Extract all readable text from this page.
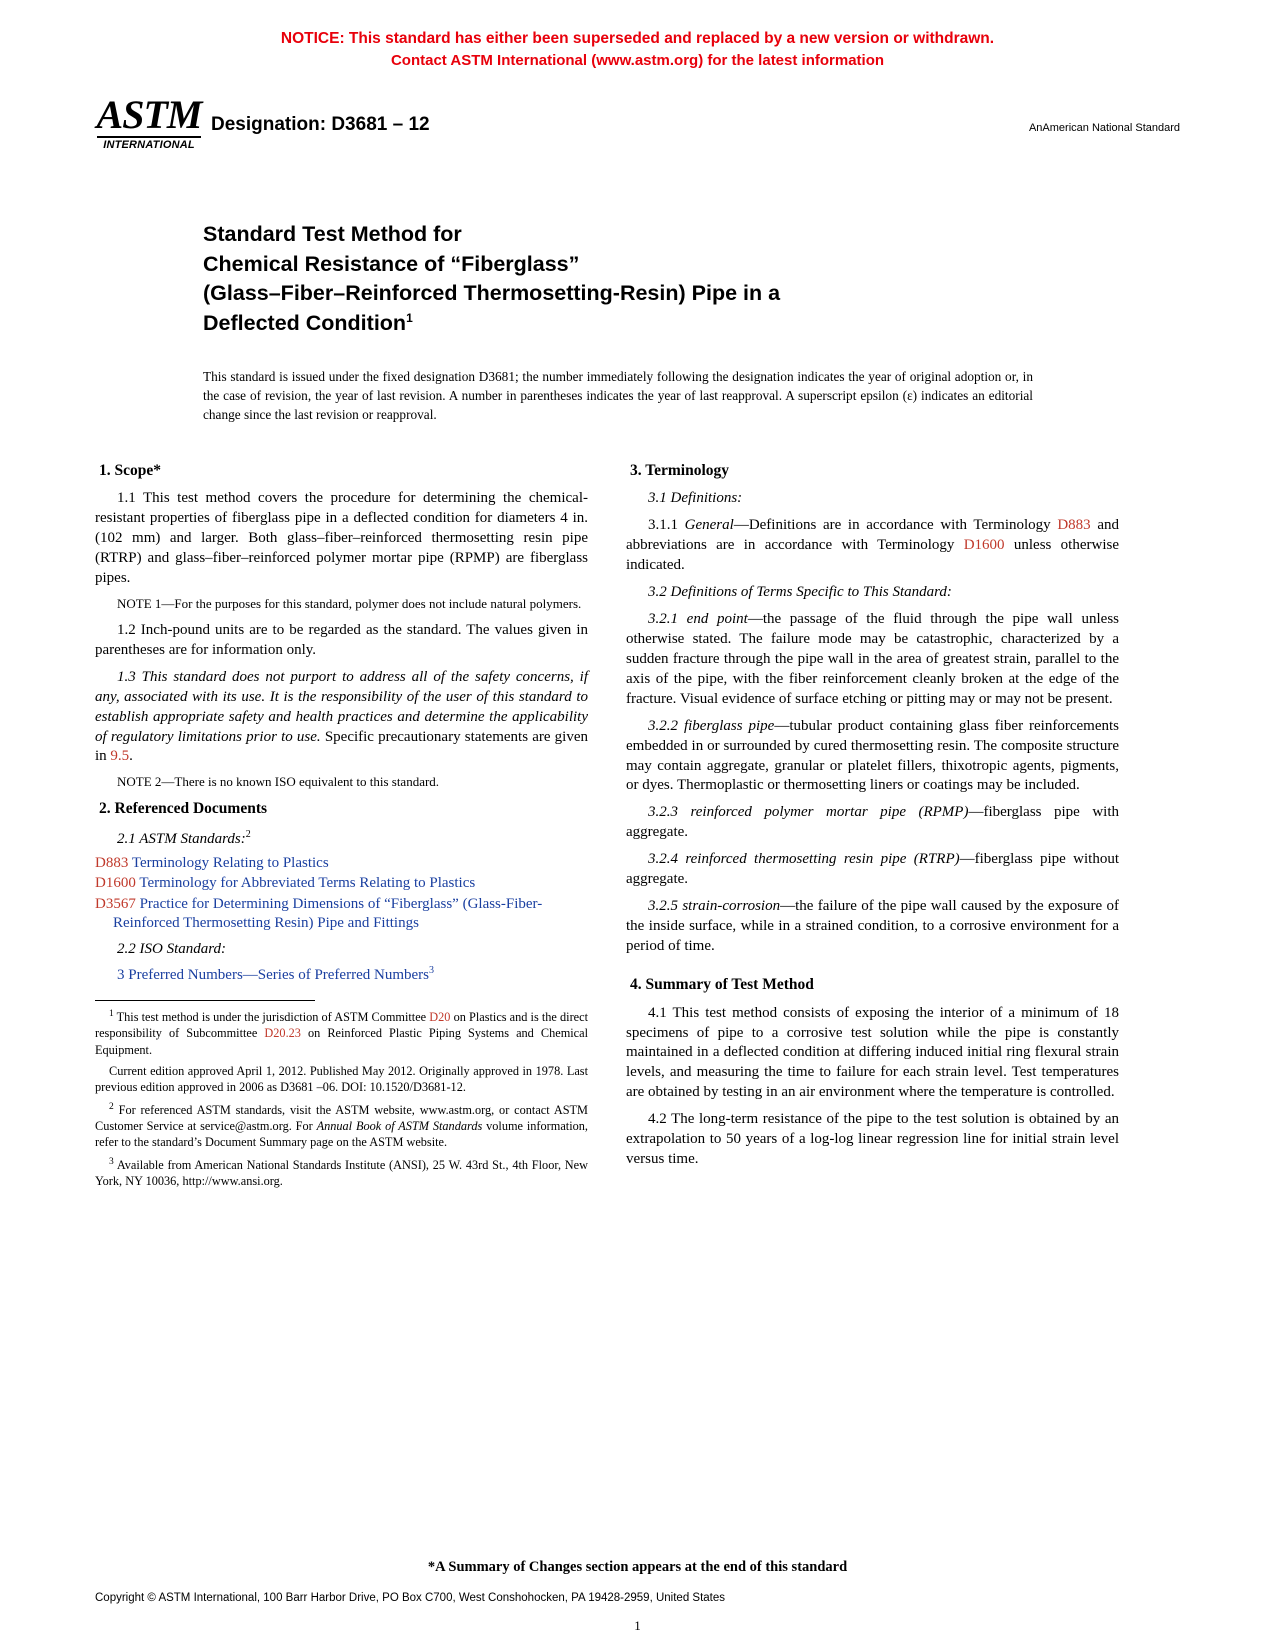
NOTICE: This standard has either been superseded and replaced by a new version or withdrawn.
Contact ASTM International (www.astm.org) for the latest information
ASTM
INTERNATIONAL
Designation: D3681 – 12	AnAmerican National Standard
Standard Test Method for
Chemical Resistance of “Fiberglass”
(Glass–Fiber–Reinforced Thermosetting-Resin) Pipe in a
Deflected Condition$^1$
This standard is issued under the fixed designation D3681; the number immediately following the designation indicates the year of original adoption or, in the case of revision, the year of last revision. A number in parentheses indicates the year of last reapproval. A superscript epsilon (ε) indicates an editorial change since the last revision or reapproval.
1. Scope*

1.1 This test method covers the procedure for determining the chemical-resistant properties of fiberglass pipe in a deflected condition for diameters 4 in. (102 mm) and larger. Both glass–fiber–reinforced thermosetting resin pipe (RTRP) and glass–fiber–reinforced polymer mortar pipe (RPMP) are fiberglass pipes.

NOTE 1—For the purposes for this standard, polymer does not include natural polymers.

1.2 Inch-pound units are to be regarded as the standard. The values given in parentheses are for information only.

1.3 This standard does not purport to address all of the safety concerns, if any, associated with its use. It is the responsibility of the user of this standard to establish appropriate safety and health practices and determine the applicability of regulatory limitations prior to use. Specific precautionary statements are given in 9.5.

NOTE 2—There is no known ISO equivalent to this standard.
2. Referenced Documents
2.1 ASTM Standards:$^2$
D883 Terminology Relating to Plastics
D1600 Terminology for Abbreviated Terms Relating to Plastics
D3567 Practice for Determining Dimensions of “Fiberglass” (Glass-Fiber-Reinforced Thermosetting Resin) Pipe and Fittings
2.2 ISO Standard:
3 Preferred Numbers—Series of Preferred Numbers$^3$

$^1$ This test method is under the jurisdiction of ASTM Committee D20 on Plastics and is the direct responsibility of Subcommittee D20.23 on Reinforced Plastic Piping Systems and Chemical Equipment.

Current edition approved April 1, 2012. Published May 2012. Originally approved in 1978. Last previous edition approved in 2006 as D3681 –06. DOI: 10.1520/D3681-12.

$^2$ For referenced ASTM standards, visit the ASTM website, www.astm.org, or contact ASTM Customer Service at service@astm.org. For Annual Book of ASTM Standards volume information, refer to the standard’s Document Summary page on the ASTM website.

$^3$ Available from American National Standards Institute (ANSI), 25 W. 43rd St., 4th Floor, New York, NY 10036, http://www.ansi.org.

3. Terminology

3.1 Definitions:

3.1.1 General—Definitions are in accordance with Terminology D883 and abbreviations are in accordance with Terminology D1600 unless otherwise indicated.

3.2 Definitions of Terms Specific to This Standard:

3.2.1 end point—the passage of the fluid through the pipe wall unless otherwise stated. The failure mode may be catastrophic, characterized by a sudden fracture through the pipe wall in the area of greatest strain, parallel to the axis of the pipe, with the fiber reinforcement cleanly broken at the edge of the fracture. Visual evidence of surface etching or pitting may or may not be present.

3.2.2 fiberglass pipe—tubular product containing glass fiber reinforcements embedded in or surrounded by cured thermosetting resin. The composite structure may contain aggregate, granular or platelet fillers, thixotropic agents, pigments, or dyes. Thermoplastic or thermosetting liners or coatings may be included.

3.2.3 reinforced polymer mortar pipe (RPMP)—fiberglass pipe with aggregate.

3.2.4 reinforced thermosetting resin pipe (RTRP)—fiberglass pipe without aggregate.

3.2.5 strain-corrosion—the failure of the pipe wall caused by the exposure of the inside surface, while in a strained condition, to a corrosive environment for a period of time.

4. Summary of Test Method

4.1 This test method consists of exposing the interior of a minimum of 18 specimens of pipe to a corrosive test solution while the pipe is constantly maintained in a deflected condition at differing induced initial ring flexural strain levels, and measuring the time to failure for each strain level. Test temperatures are obtained by testing in an air environment where the temperature is controlled.

4.2 The long-term resistance of the pipe to the test solution is obtained by an extrapolation to 50 years of a log-log linear regression line for initial strain level versus time.

*A Summary of Changes section appears at the end of this standard
Copyright © ASTM International, 100 Barr Harbor Drive, PO Box C700, West Conshohocken, PA 19428-2959, United States
1
